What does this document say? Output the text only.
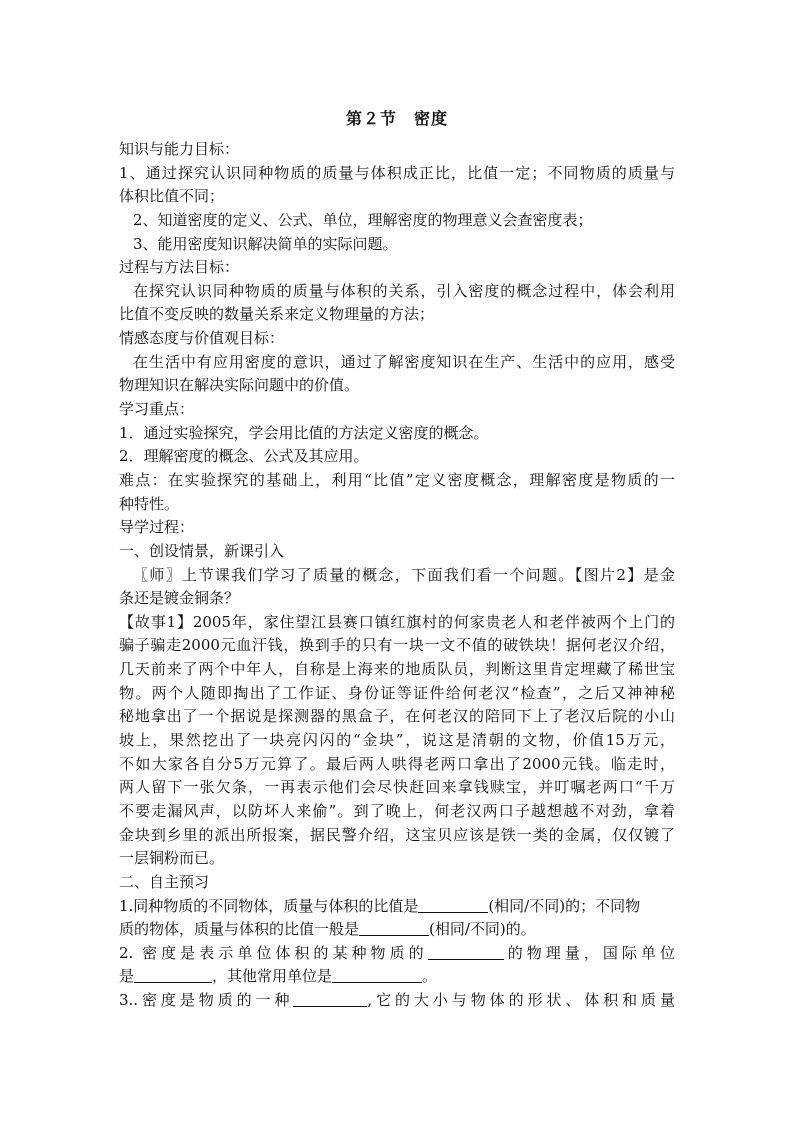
第２节　密度
知识与能力目标：
1、通过探究认识同种物质的质量与体积成正比，比值一定；不同物质的质量与
体积比值不同；
2、知道密度的定义、公式、单位，理解密度的物理意义会查密度表；
3、能用密度知识解决简单的实际问题。
过程与方法目标：
在探究认识同种物质的质量与体积的关系，引入密度的概念过程中，体会利用
比值不变反映的数量关系来定义物理量的方法；
情感态度与价值观目标：
在生活中有应用密度的意识，通过了解密度知识在生产、生活中的应用，感受
物理知识在解决实际问题中的价值。
学习重点：
1．通过实验探究，学会用比值的方法定义密度的概念。
2．理解密度的概念、公式及其应用。
难点：在实验探究的基础上，利用“比值”定义密度概念，理解密度是物质的一
种特性。
导学过程：
一、创设情景，新课引入
〖师〗上节课我们学习了质量的概念，下面我们看一个问题。【图片2】是金
条还是镀金铜条？
【故事1】2005年，家住望江县赛口镇红旗村的何家贵老人和老伴被两个上门的
骗子骗走2000元血汗钱，换到手的只有一块一文不值的破铁块！据何老汉介绍，
几天前来了两个中年人，自称是上海来的地质队员，判断这里肯定埋藏了稀世宝
物。两个人随即掏出了工作证、身份证等证件给何老汉“检查”，之后又神神秘
秘地拿出了一个据说是探测器的黑盒子，在何老汉的陪同下上了老汉后院的小山
坡上，果然挖出了一块亮闪闪的“金块”，说这是清朝的文物，价值15万元，
不如大家各自分5万元算了。最后两人哄得老两口拿出了2000元钱。临走时，
两人留下一张欠条，一再表示他们会尽快赶回来拿钱赎宝，并叮嘱老两口“千万
不要走漏风声，以防坏人来偷”。到了晚上，何老汉两口子越想越不对劲，拿着
金块到乡里的派出所报案，据民警介绍，这宝贝应该是铁一类的金属，仅仅镀了
一层铜粉而已。
二、自主预习
1.同种物质的不同物体，质量与体积的比值是	(相同/不同)的；不同物
质的物体，质量与体积的比值一般是	(相同/不同)的。
2. 密度是表示单位体积的某种物质的	的物理量，国际单位
是	，其他常用单位是	。
3..密度是物质的一种	,它的大小与物体的形状、体积和质量
